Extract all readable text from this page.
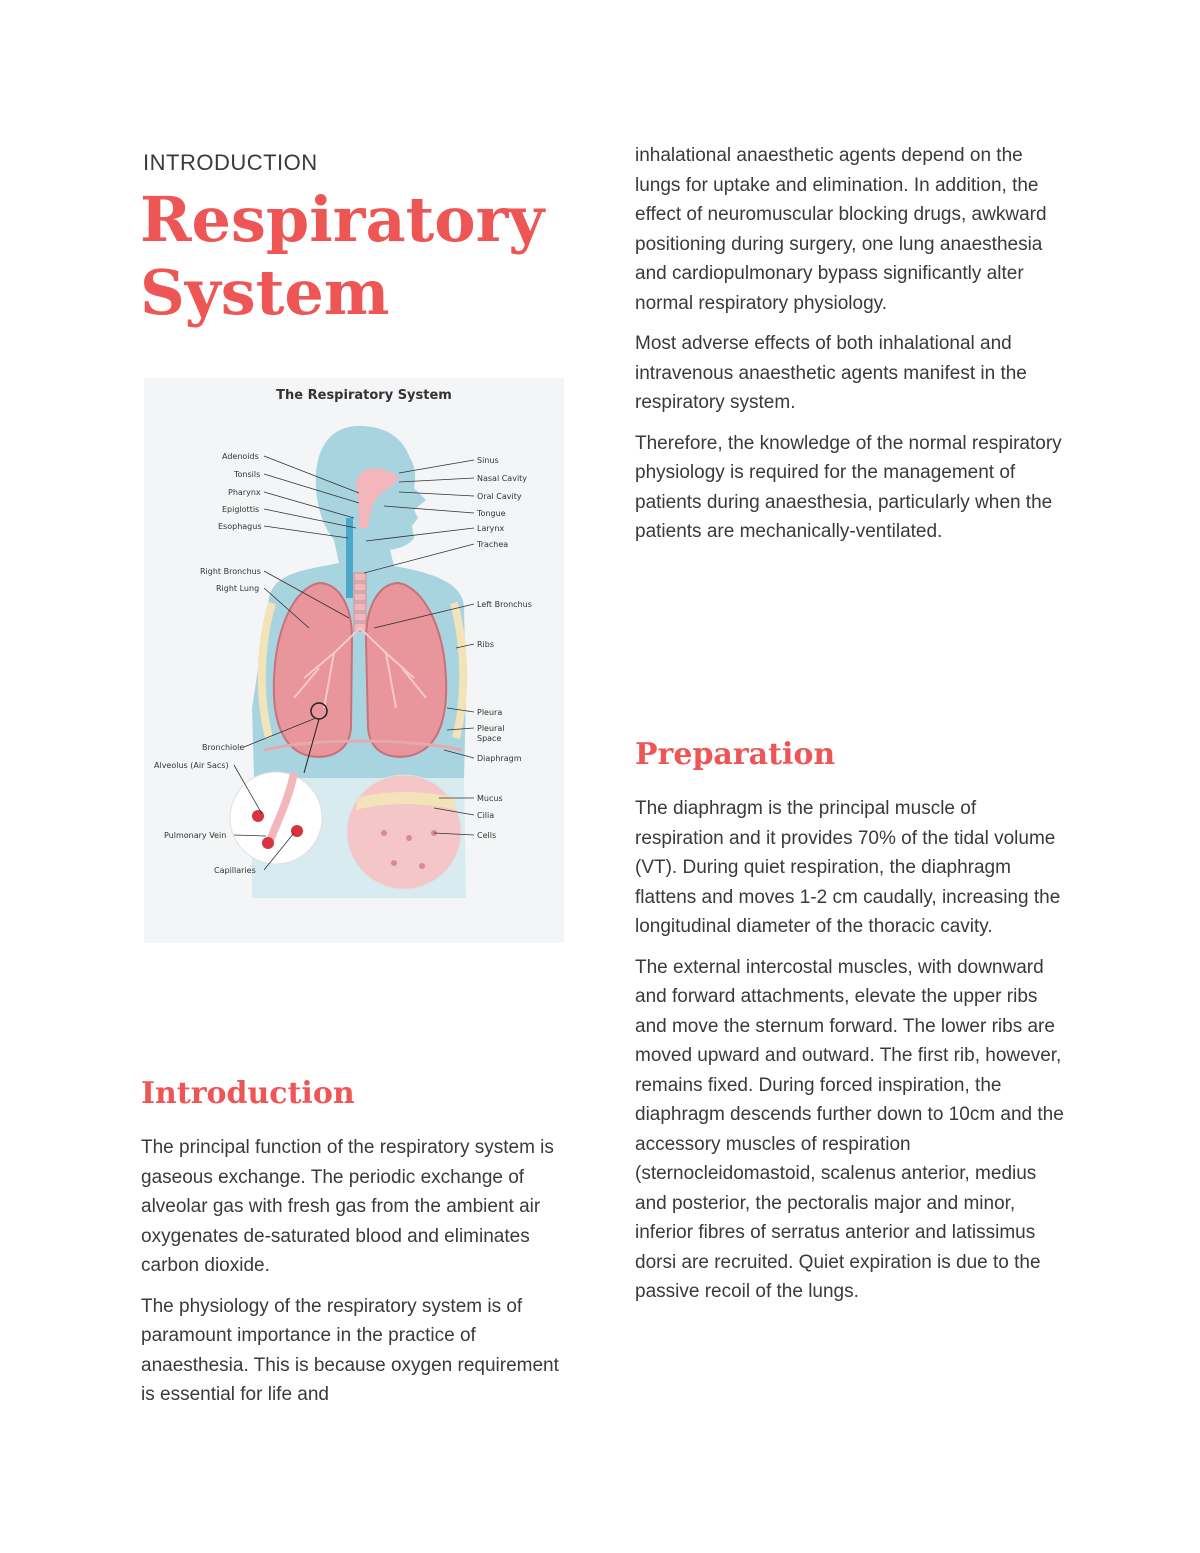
INTRODUCTION
Respiratory
System
The Respiratory System
Adenoids
Tonsils
Pharynx
Epiglottis
Esophagus
Right Bronchus
Right Lung
Bronchiole
Alveolus (Air Sacs)
Pulmonary Vein
Capillaries
Sinus
Nasal Cavity
Oral Cavity
Tongue
Larynx
Trachea
Left Bronchus
Ribs
Pleura
Pleural
Space
Diaphragm
Mucus
Cilia
Cells
Introduction

The principal function of the respiratory system is gaseous exchange. The periodic exchange of alveolar gas with fresh gas from the ambient air oxygenates de-saturated blood and eliminates carbon dioxide.

The physiology of the respiratory system is of paramount importance in the practice of anaesthesia. This is because oxygen requirement is essential for life and

inhalational anaesthetic agents depend on the lungs for uptake and elimination. In addition, the effect of neuromuscular blocking drugs, awkward positioning during surgery, one lung anaesthesia and cardiopulmonary bypass significantly alter normal respiratory physiology.

Most adverse effects of both inhalational and intravenous anaesthetic agents manifest in the respiratory system.

Therefore, the knowledge of the normal respiratory physiology is required for the management of patients during anaesthesia, particularly when the patients are mechanically-ventilated.

Preparation

The diaphragm is the principal muscle of respiration and it provides 70% of the tidal volume (VT). During quiet respiration, the diaphragm flattens and moves 1-2 cm caudally, increasing the longitudinal diameter of the thoracic cavity.

The external intercostal muscles, with downward and forward attachments, elevate the upper ribs and move the sternum forward. The lower ribs are moved upward and outward. The first rib, however, remains fixed. During forced inspiration, the diaphragm descends further down to 10cm and the accessory muscles of respiration (sternocleidomastoid, scalenus anterior, medius and posterior, the pectoralis major and minor, inferior fibres of serratus anterior and latissimus dorsi are recruited. Quiet expiration is due to the passive recoil of the lungs.
